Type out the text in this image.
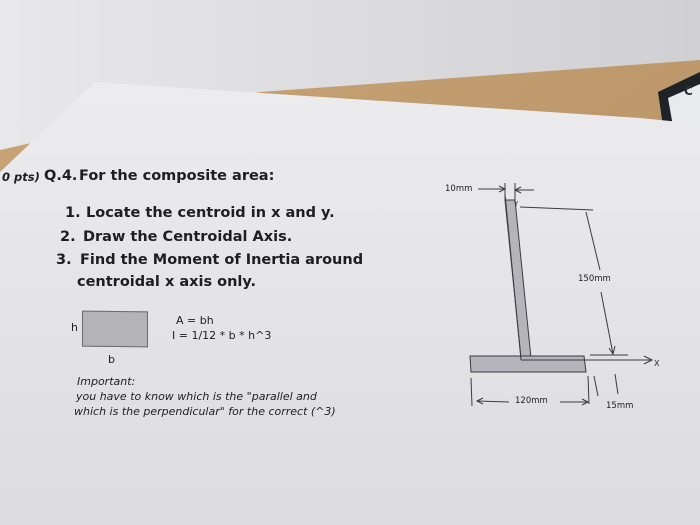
C
0 pts) Q.4. For the composite area:
1. Locate the centroid in x and y.
2. Draw the Centroidal Axis.
3. Find the Moment of Inertia around
centroidal x axis only.
h
b
A = bh
I = 1/12 * b * h^3
Important:
you have to know which is the "parallel and
which is the perpendicular" for the correct (^3)
Y
X
10mm
150mm
120mm	15mm
